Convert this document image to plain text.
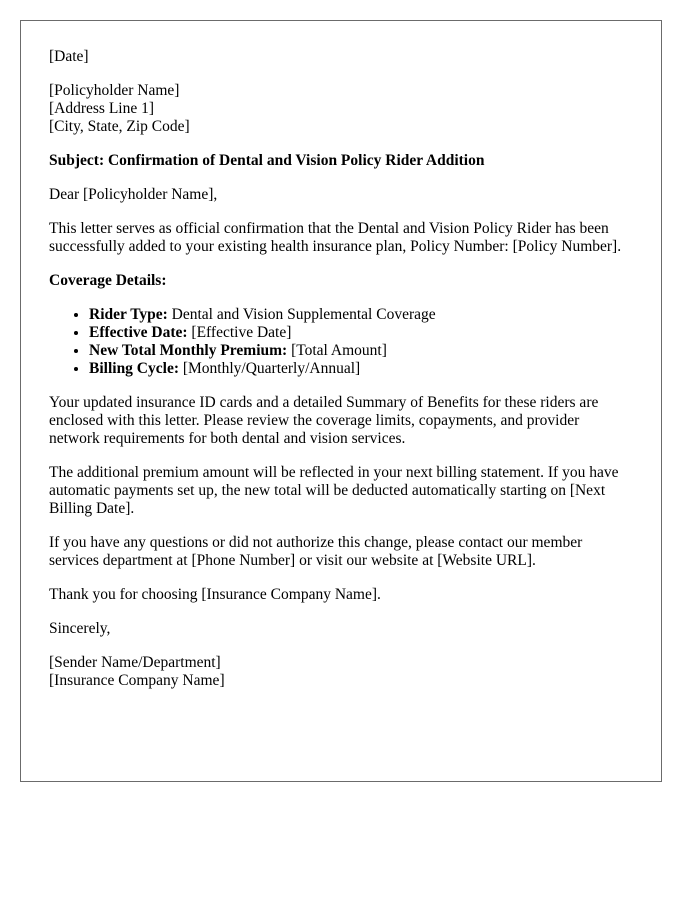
[Date]

[Policyholder Name]

[Address Line 1]

[City, State, Zip Code]

Subject: Confirmation of Dental and Vision Policy Rider Addition

Dear [Policyholder Name],

This letter serves as official confirmation that the Dental and Vision Policy Rider has been successfully added to your existing health insurance plan, Policy Number: [Policy Number].

Coverage Details:

• Rider Type: Dental and Vision Supplemental Coverage
• Effective Date: [Effective Date]
• New Total Monthly Premium: [Total Amount]
• Billing Cycle: [Monthly/Quarterly/Annual]

Your updated insurance ID cards and a detailed Summary of Benefits for these riders are enclosed with this letter. Please review the coverage limits, copayments, and provider network requirements for both dental and vision services.

The additional premium amount will be reflected in your next billing statement. If you have automatic payments set up, the new total will be deducted automatically starting on [Next Billing Date].

If you have any questions or did not authorize this change, please contact our member services department at [Phone Number] or visit our website at [Website URL].

Thank you for choosing [Insurance Company Name].

Sincerely,

[Sender Name/Department]

[Insurance Company Name]
